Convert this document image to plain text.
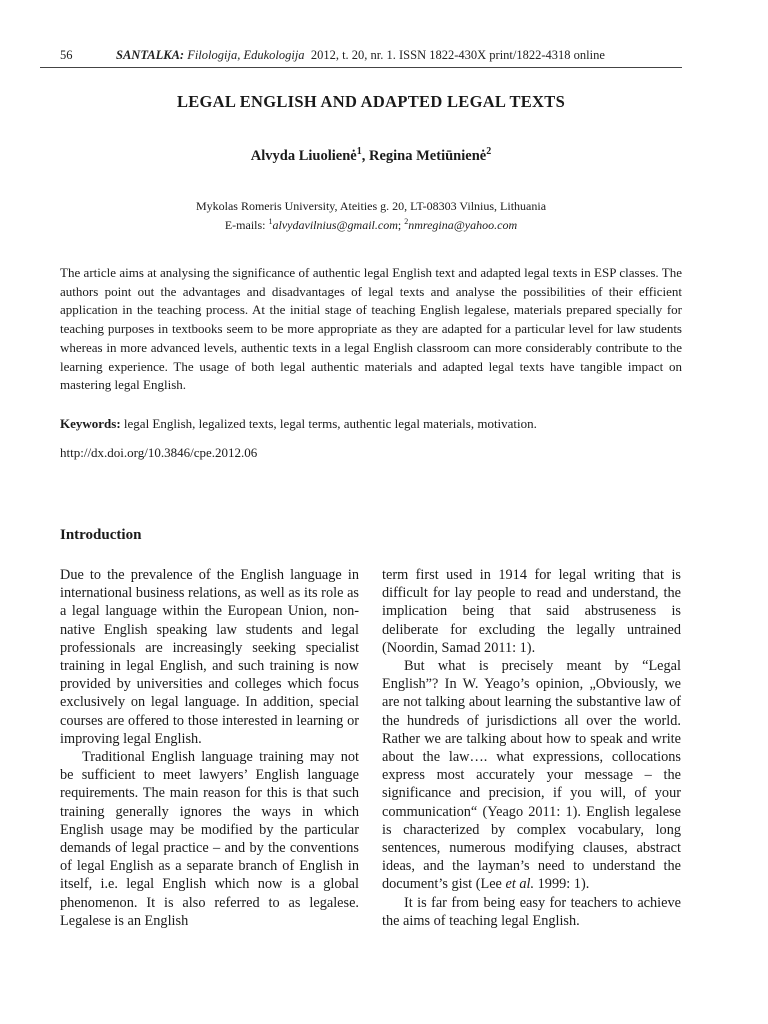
56	SANTALKA: Filologija, Edukologija 2012, t. 20, nr. 1. ISSN 1822-430X print/1822-4318 online
LEGAL ENGLISH AND ADAPTED LEGAL TEXTS
Alvyda Liuolienė$^1$, Regina Metiūnienė$^2$
Mykolas Romeris University, Ateities g. 20, LT-08303 Vilnius, Lithuania
E-mails: $^1$alvydavilnius@gmail.com; $^2$nmregina@yahoo.com
The article aims at analysing the significance of authentic legal English text and adapted legal texts in ESP classes. The authors point out the advantages and disadvantages of legal texts and analyse the possibilities of their efficient application in the teaching process. At the initial stage of teaching English legalese, materials prepared specially for teaching purposes in textbooks seem to be more appropriate as they are adapted for a particular level for law students whereas in more advanced levels, authentic texts in a legal English classroom can more considerably contribute to the learning experience. The usage of both legal authentic materials and adapted legal texts have tangible impact on mastering legal English.
Keywords: legal English, legalized texts, legal terms, authentic legal materials, motivation.
http://dx.doi.org/10.3846/cpe.2012.06
Introduction

Due to the prevalence of the English language in international business relations, as well as its role as a legal language within the European Union, non-native English speaking law students and legal professionals are increasingly seeking specialist training in legal English, and such training is now provided by universities and colleges which focus exclusively on legal language. In addition, special courses are offered to those interested in learning or improving legal English.

Traditional English language training may not be sufficient to meet lawyers’ English language requirements. The main reason for this is that such training generally ignores the ways in which English usage may be modified by the particular demands of legal practice – and by the conventions of legal English as a separate branch of English in itself, i.e. legal English which now is a global phenomenon. It is also referred to as legalese. Legalese is an English

term first used in 1914 for legal writing that is difficult for lay people to read and understand, the implication being that said abstruseness is deliberate for excluding the legally untrained (Noordin, Samad 2011: 1).

But what is precisely meant by “Legal English”? In W. Yeago’s opinion, „Obviously, we are not talking about learning the substantive law of the hundreds of jurisdictions all over the world. Rather we are talking about how to speak and write about the law…. what expressions, collocations express most accurately your message – the significance and precision, if you will, of your communication“ (Yeago 2011: 1). English legalese is characterized by complex vocabulary, long sentences, numerous modifying clauses, abstract ideas, and the layman’s need to understand the document’s gist (Lee et al. 1999: 1).

It is far from being easy for teachers to achieve the aims of teaching legal English.
